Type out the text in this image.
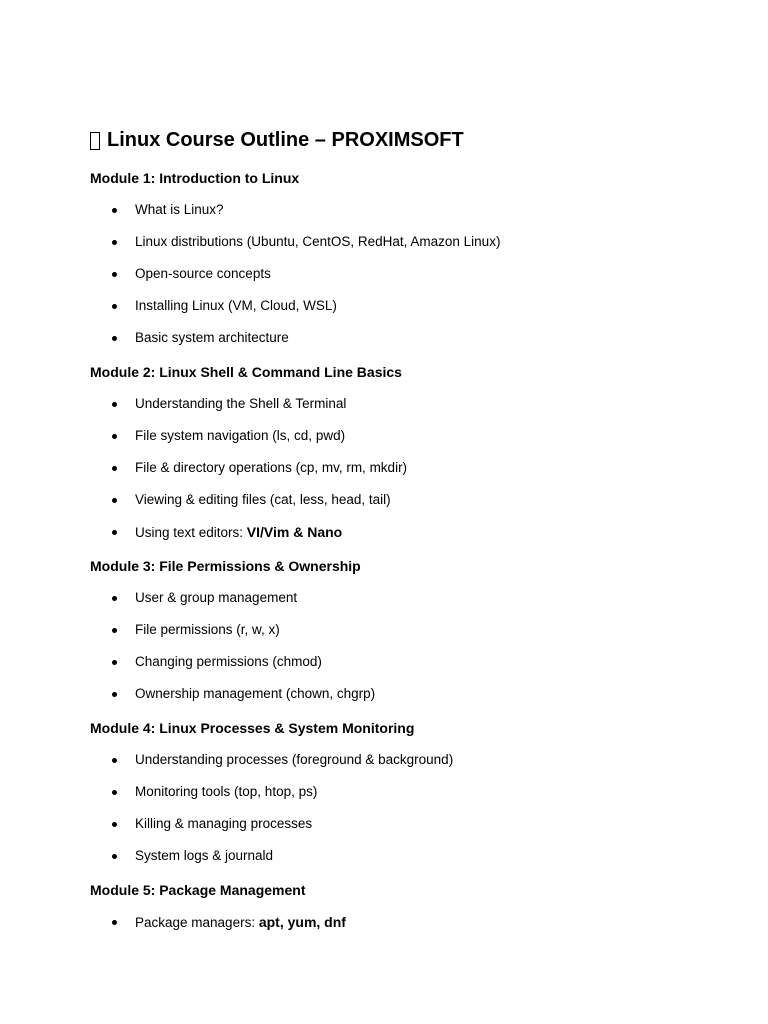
Linux Course Outline – PROXIMSOFT
Module 1: Introduction to Linux
What is Linux?
Linux distributions (Ubuntu, CentOS, RedHat, Amazon Linux)
Open-source concepts
Installing Linux (VM, Cloud, WSL)
Basic system architecture
Module 2: Linux Shell & Command Line Basics
Understanding the Shell & Terminal
File system navigation (ls, cd, pwd)
File & directory operations (cp, mv, rm, mkdir)
Viewing & editing files (cat, less, head, tail)
Using text editors: VI/Vim & Nano
Module 3: File Permissions & Ownership
User & group management
File permissions (r, w, x)
Changing permissions (chmod)
Ownership management (chown, chgrp)
Module 4: Linux Processes & System Monitoring
Understanding processes (foreground & background)
Monitoring tools (top, htop, ps)
Killing & managing processes
System logs & journald
Module 5: Package Management
Package managers: apt, yum, dnf
